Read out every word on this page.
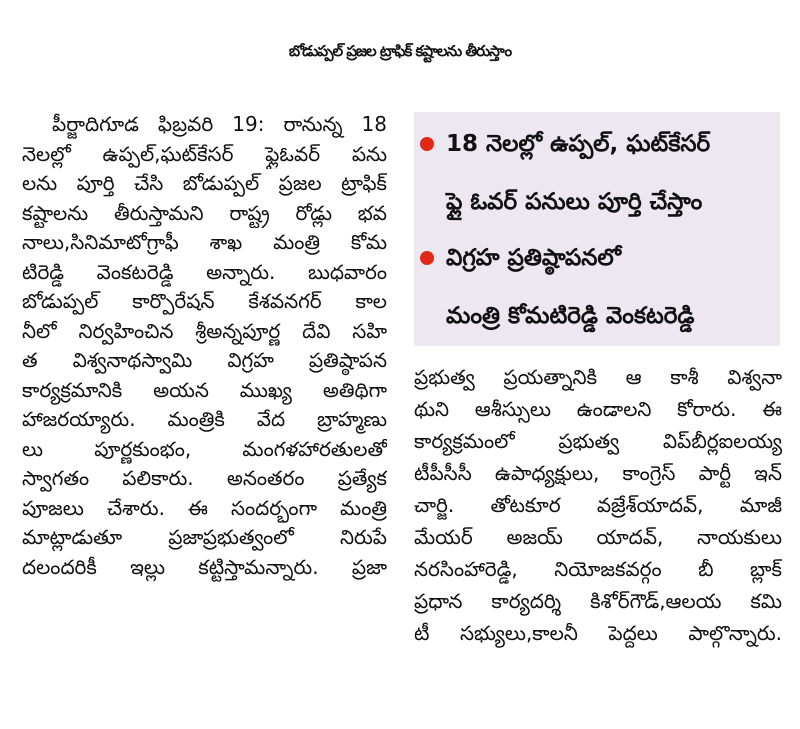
బోడుప్పల్ ప్రజల ట్రాఫిక్ కష్టాలను తీరుస్తాం
పీర్జాదిగూడ ఫిబ్రవరి 19: రానున్న 18
నెలల్లో ఉప్పల్,ఘట్‌కేసర్ ఫ్లైఓవర్ పను
లను పూర్తి చేసి బోడుప్పల్ ప్రజల ట్రాఫిక్
కష్టాలను తీరుస్తామని రాష్ట్ర రోడ్లు భవ
నాలు,సినిమాటోగ్రాఫీ శాఖ మంత్రి కోమ
టిరెడ్డి వెంకటరెడ్డి అన్నారు. బుధవారం
బోడుప్పల్ కార్పొరేషన్ కేశవనగర్ కాల
నీలో నిర్వహించిన శ్రీఅన్నపూర్ణ దేవి సహి
త విశ్వనాథస్వామి విగ్రహ ప్రతిష్ఠాపన
కార్యక్రమానికి అయన ముఖ్య అతిథిగా
హాజరయ్యారు. మంత్రికి వేద బ్రాహ్మణు
లు పూర్ణకుంభం, మంగళహారతులతో
స్వాగతం పలికారు. అనంతరం ప్రత్యేక
పూజలు చేశారు. ఈ సందర్భంగా మంత్రి
మాట్లాడుతూ ప్రజాప్రభుత్వంలో నిరుపే
దలందరికీ ఇల్లు కట్టిస్తామన్నారు. ప్రజా
18 నెలల్లో ఉప్పల్, ఘట్‌కేసర్
ఫ్లై ఓవర్ పనులు పూర్తి చేస్తాం
విగ్రహ ప్రతిష్ఠాపనలో
మంత్రి కోమటిరెడ్డి వెంకటరెడ్డి
ప్రభుత్వ ప్రయత్నానికి ఆ కాశీ విశ్వనా
థుని ఆశీస్సులు ఉండాలని కోరారు. ఈ
కార్యక్రమంలో ప్రభుత్వ విప్‌బీర్లఐలయ్య
టీపీసీసీ ఉపాధ్యక్షులు, కాంగ్రెస్ పార్టీ ఇన్
చార్జి. తోటకూర వజ్రేశ్‌యాదవ్, మాజీ
మేయర్ అజయ్ యాదవ్, నాయకులు
నరసింహారెడ్డి, నియోజకవర్గం బీ బ్లాక్
ప్రధాన కార్యదర్శి కిశోర్‌గౌడ్,ఆలయ కమి
టీ సభ్యులు,కాలనీ పెద్దలు పాల్గొన్నారు.
